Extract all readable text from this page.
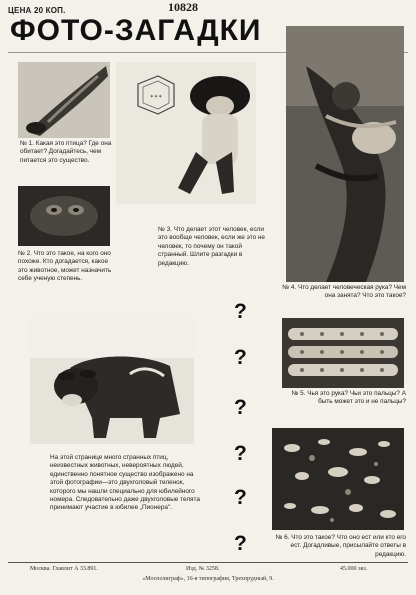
ЦЕНА 20 КОП.	10828
ФОТО-ЗАГАДКИ
№ 1. Какая это птица? Где она обитает? Догадайтесь, чем питается это существо.
№ 2. Что это такое, на кого оно похоже. Кто догадается, какое это животное, может назначить себе ученую степень.
✶✶✶
№ 3. Что делает этот человек, если это вообще человек, если же это не человек, то почему он такой странный. Шлите разгадки в редакцию.
№ 4. Что делает человеческая рука? Чем она занята? Что это такое?
На этой странице много странных птиц, неизвестных животных, невероятных людей, единственно понятное существо изображено на этой фотографии—это двухголовый теленок, которого мы нашли специально для юбилейного номера. Следовательно даже двухголовые телята принимают участие в юбилее „Пионера".
?
?
?
?
?
?
№ 5. Чья это рука? Чьи это пальцы? А быть может это и не пальцы?
№ 6. Что это такое? Что оно ест или кто его ест. Догадливые, присылайте ответы в редакцию.
Москва. Главлит А 33.891.	Изд. № 3258.	45.000 экз.
«Мосполиграф», 16-я типография, Трехпрудный, 9.
